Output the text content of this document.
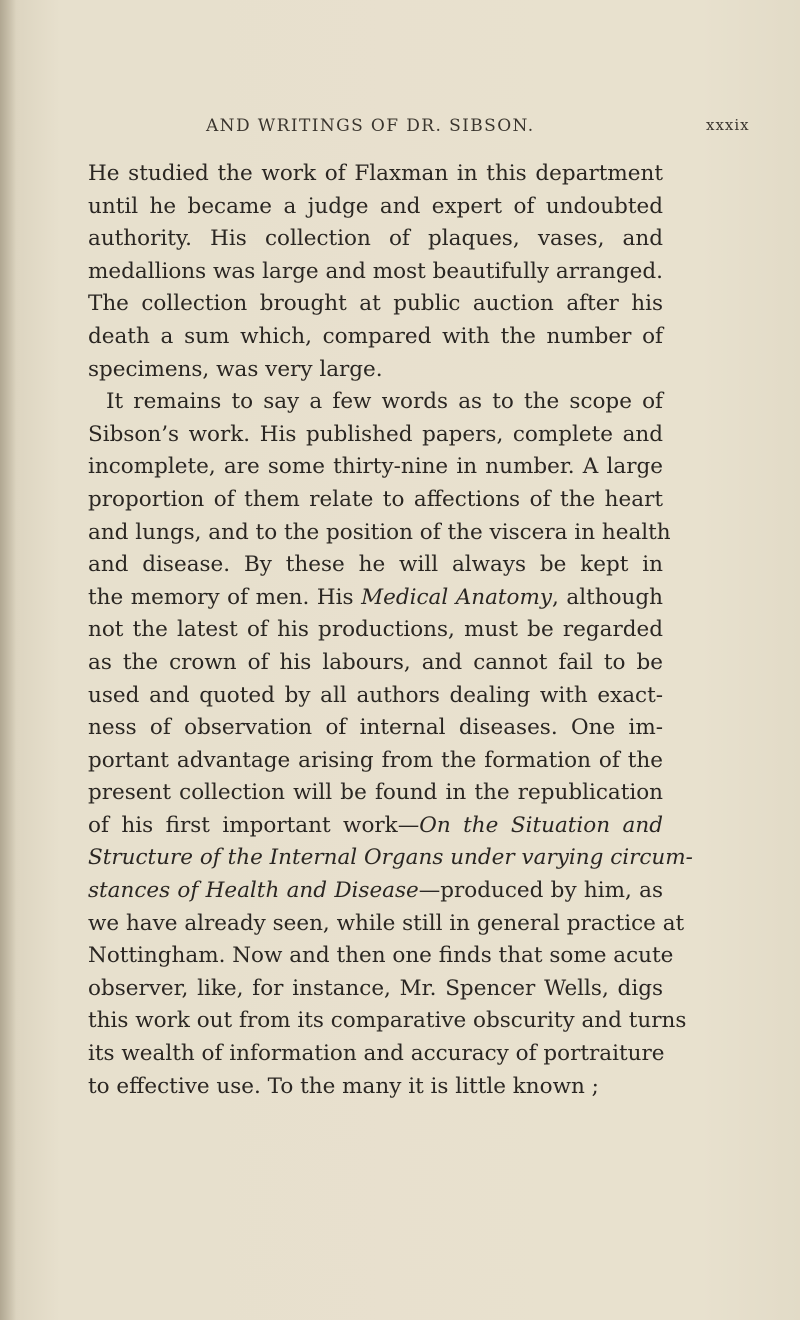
AND WRITINGS OF DR. SIBSON.	xxxix
He studied the work of Flaxman in this department
until he became a judge and expert of undoubted
authority. His collection of plaques, vases, and
medallions was large and most beautifully arranged.
The collection brought at public auction after his
death a sum which, compared with the number of
specimens, was very large.
It remains to say a few words as to the scope of
Sibson’s work. His published papers, complete and
incomplete, are some thirty-nine in number. A large
proportion of them relate to affections of the heart
and lungs, and to the position of the viscera in health
and disease. By these he will always be kept in
the memory of men. His Medical Anatomy, although
not the latest of his productions, must be regarded
as the crown of his labours, and cannot fail to be
used and quoted by all authors dealing with exact-
ness of observation of internal diseases. One im-
portant advantage arising from the formation of the
present collection will be found in the republication
of his first important work—On the Situation and
Structure of the Internal Organs under varying circum-
stances of Health and Disease—produced by him, as
we have already seen, while still in general practice at
Nottingham. Now and then one finds that some acute
observer, like, for instance, Mr. Spencer Wells, digs
this work out from its comparative obscurity and turns
its wealth of information and accuracy of portraiture
to effective use. To the many it is little known ;
